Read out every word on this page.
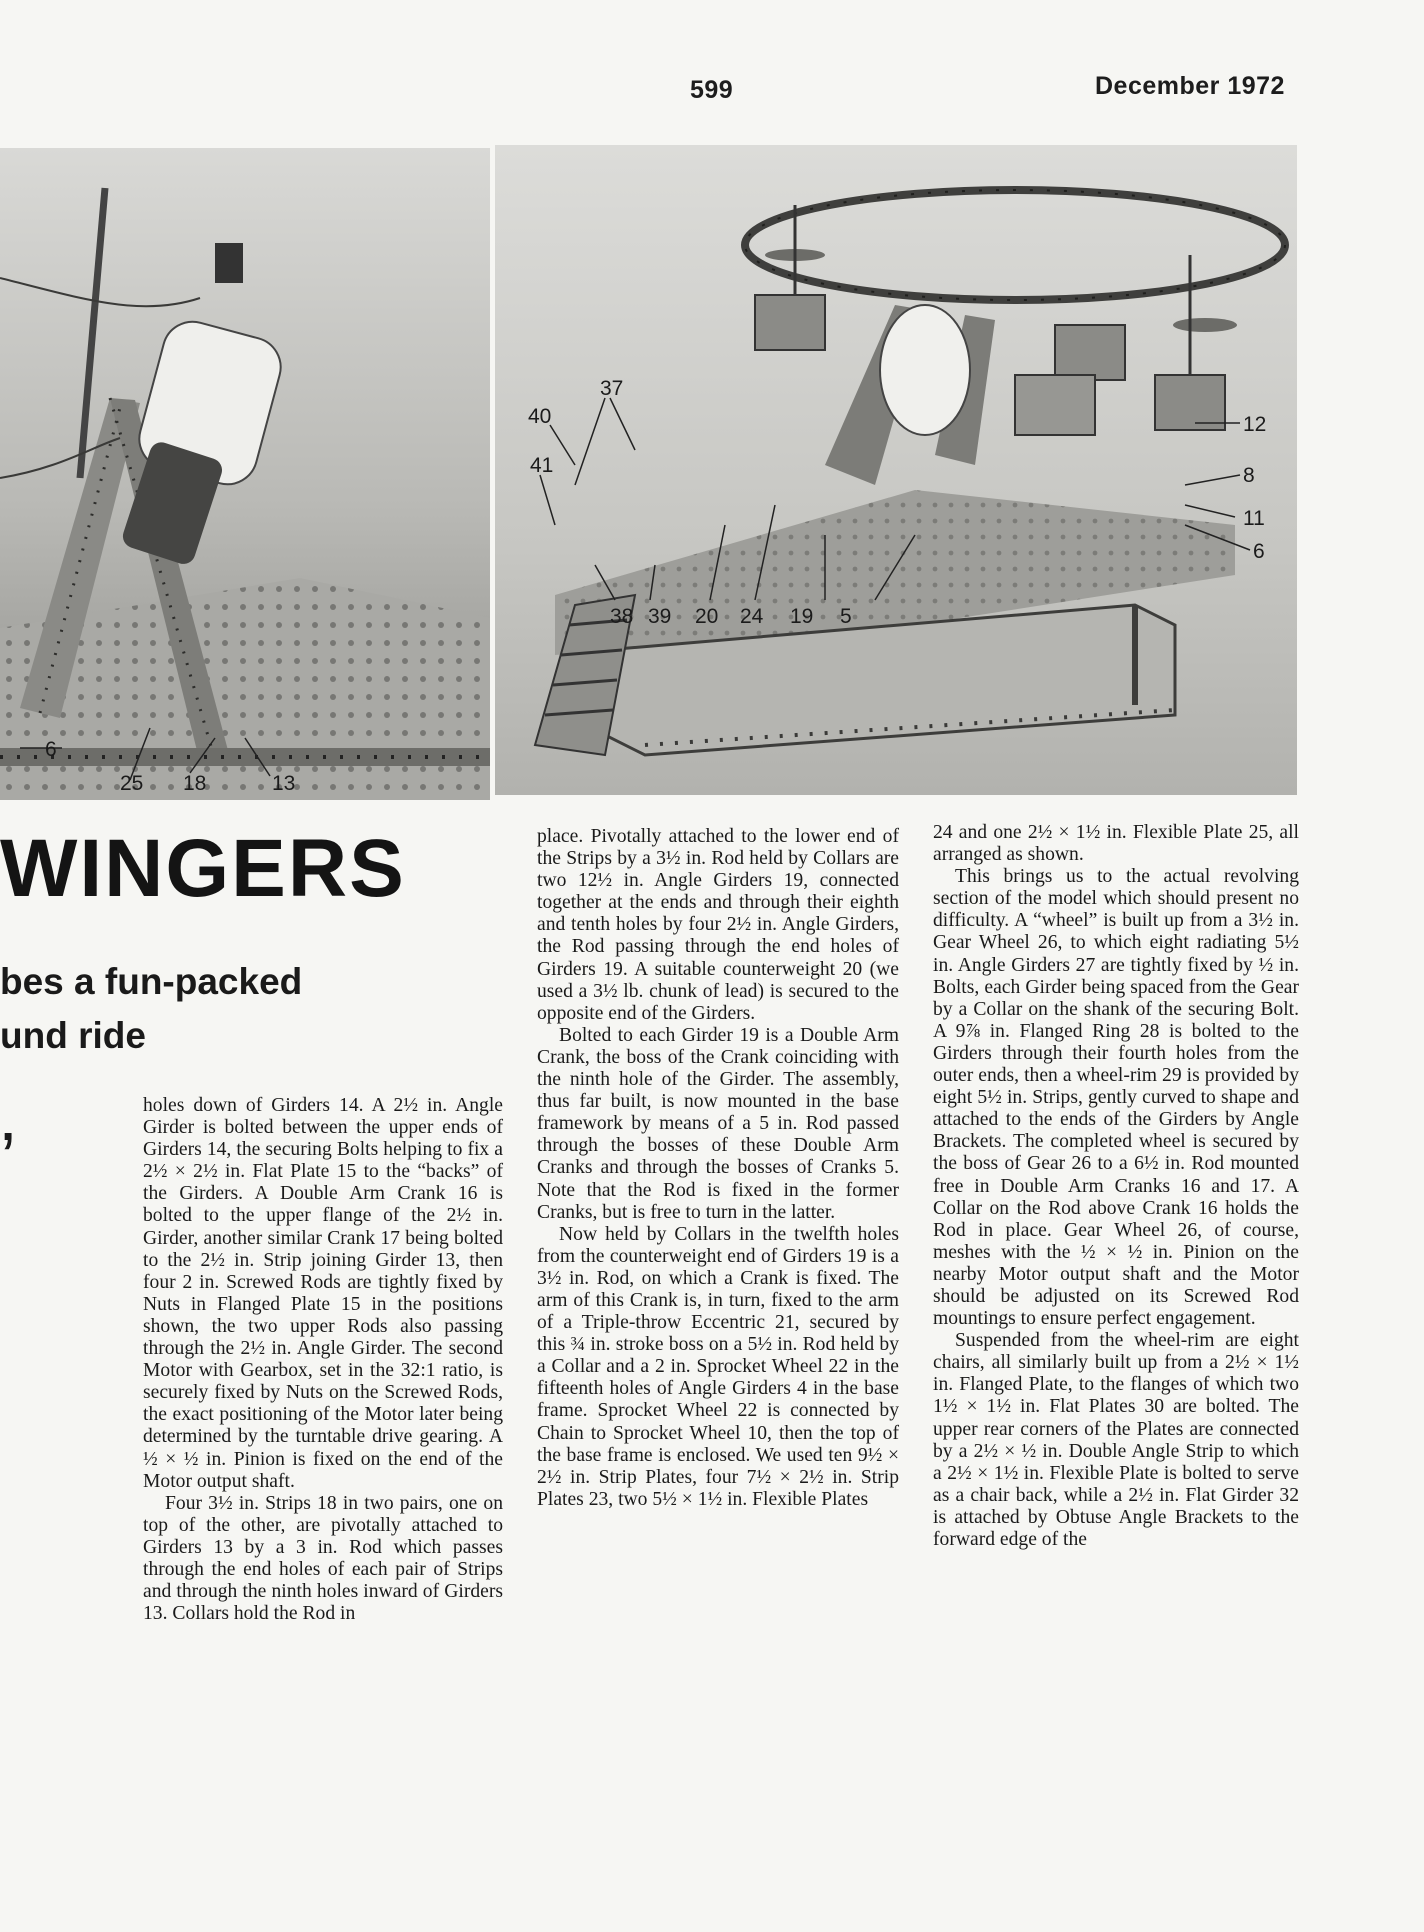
599	December 1972
6
25 18	13
37
40
41
38 39 20 24 19 5
12
8
11
6
WINGERS
bes a fun-packed
und ride
’

holes down of Girders 14. A 2½ in. Angle Girder is bolted between the upper ends of Girders 14, the securing Bolts helping to fix a 2½ × 2½ in. Flat Plate 15 to the “backs” of the Girders. A Double Arm Crank 16 is bolted to the upper flange of the 2½ in. Girder, another similar Crank 17 being bolted to the 2½ in. Strip joining Girder 13, then four 2 in. Screwed Rods are tightly fixed by Nuts in Flanged Plate 15 in the positions shown, the two upper Rods also passing through the 2½ in. Angle Girder. The second Motor with Gearbox, set in the 32:1 ratio, is securely fixed by Nuts on the Screwed Rods, the exact positioning of the Motor later being determined by the turntable drive gearing. A ½ × ½ in. Pinion is fixed on the end of the Motor output shaft.

Four 3½ in. Strips 18 in two pairs, one on top of the other, are pivotally attached to Girders 13 by a 3 in. Rod which passes through the end holes of each pair of Strips and through the ninth holes inward of Girders 13. Collars hold the Rod in

place. Pivotally attached to the lower end of the Strips by a 3½ in. Rod held by Collars are two 12½ in. Angle Girders 19, connected together at the ends and through their eighth and tenth holes by four 2½ in. Angle Girders, the Rod passing through the end holes of Girders 19. A suitable counterweight 20 (we used a 3½ lb. chunk of lead) is secured to the opposite end of the Girders.

Bolted to each Girder 19 is a Double Arm Crank, the boss of the Crank coinciding with the ninth hole of the Girder. The assembly, thus far built, is now mounted in the base framework by means of a 5 in. Rod passed through the bosses of these Double Arm Cranks and through the bosses of Cranks 5. Note that the Rod is fixed in the former Cranks, but is free to turn in the latter.

Now held by Collars in the twelfth holes from the counterweight end of Girders 19 is a 3½ in. Rod, on which a Crank is fixed. The arm of this Crank is, in turn, fixed to the arm of a Triple-throw Eccentric 21, secured by this ¾ in. stroke boss on a 5½ in. Rod held by a Collar and a 2 in. Sprocket Wheel 22 in the fifteenth holes of Angle Girders 4 in the base frame. Sprocket Wheel 22 is connected by Chain to Sprocket Wheel 10, then the top of the base frame is enclosed. We used ten 9½ × 2½ in. Strip Plates, four 7½ × 2½ in. Strip Plates 23, two 5½ × 1½ in. Flexible Plates

24 and one 2½ × 1½ in. Flexible Plate 25, all arranged as shown.

This brings us to the actual revolving section of the model which should present no difficulty. A “wheel” is built up from a 3½ in. Gear Wheel 26, to which eight radiating 5½ in. Angle Girders 27 are tightly fixed by ½ in. Bolts, each Girder being spaced from the Gear by a Collar on the shank of the securing Bolt. A 9⅞ in. Flanged Ring 28 is bolted to the Girders through their fourth holes from the outer ends, then a wheel-rim 29 is provided by eight 5½ in. Strips, gently curved to shape and attached to the ends of the Girders by Angle Brackets. The completed wheel is secured by the boss of Gear 26 to a 6½ in. Rod mounted free in Double Arm Cranks 16 and 17. A Collar on the Rod above Crank 16 holds the Rod in place. Gear Wheel 26, of course, meshes with the ½ × ½ in. Pinion on the nearby Motor output shaft and the Motor should be adjusted on its Screwed Rod mountings to ensure perfect engagement.

Suspended from the wheel-rim are eight chairs, all similarly built up from a 2½ × 1½ in. Flanged Plate, to the flanges of which two 1½ × 1½ in. Flat Plates 30 are bolted. The upper rear corners of the Plates are connected by a 2½ × ½ in. Double Angle Strip to which a 2½ × 1½ in. Flexible Plate is bolted to serve as a chair back, while a 2½ in. Flat Girder 32 is attached by Obtuse Angle Brackets to the forward edge of the
